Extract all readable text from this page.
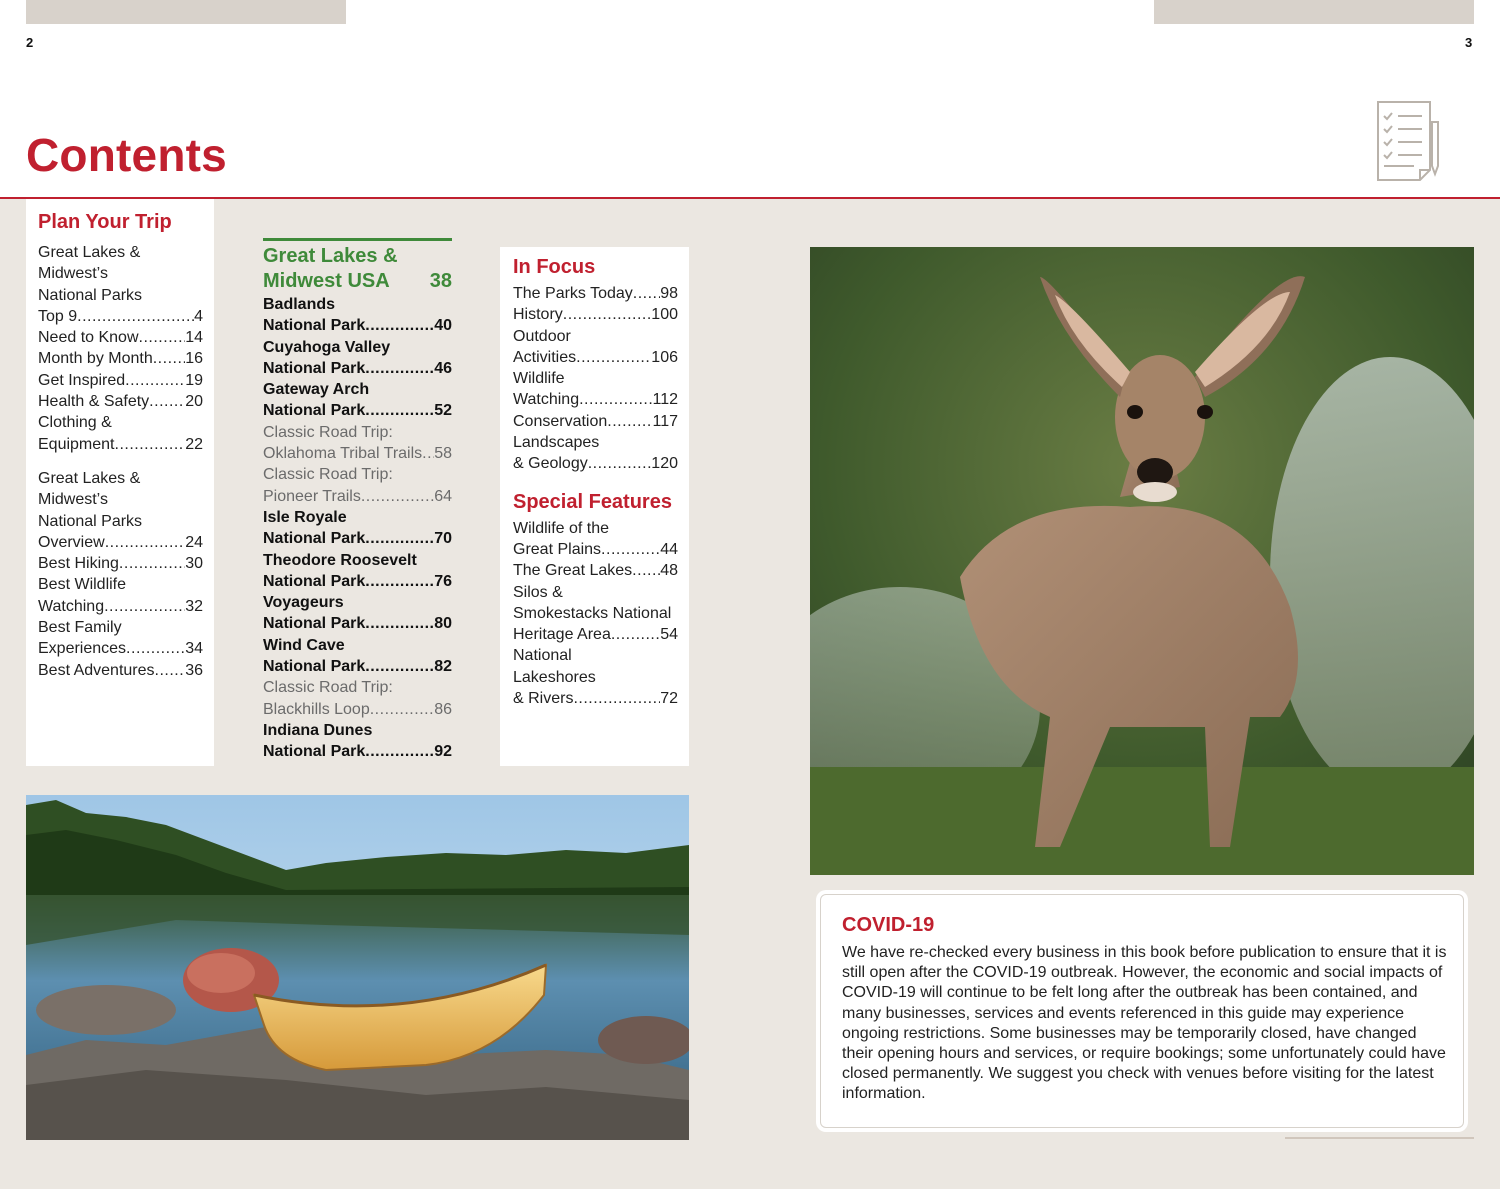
2	3
Contents
Plan Your Trip
Great Lakes &
Midwest’s
National Parks
Top 9 .....	4
Need to Know .....	14
Month by Month ..... 16
Get Inspired .....	19
Health & Safety ..... 20
Clothing &
Equipment .....	22
Great Lakes &
Midwest’s
National Parks
Overview .....	24
Best Hiking .....	30
Best Wildlife
Watching .....	32
Best Family
Experiences .....	34
Best Adventures ..... 36
Great Lakes &
Midwest USA 38
Badlands
National Park .....	40
Cuyahoga Valley
National Park .....	46
Gateway Arch
National Park .....	52
Classic Road Trip:
Oklahoma Tribal Trails ..... 58
Classic Road Trip:
Pioneer Trails .....	64
Isle Royale
National Park .....	70
Theodore Roosevelt
National Park .....	76
Voyageurs
National Park .....	80
Wind Cave
National Park .....	82
Classic Road Trip:
Blackhills Loop .....	86
Indiana Dunes
National Park .....	92
In Focus
The Parks Today ..... 98
History .....	100
Outdoor
Activities .....	106
Wildlife
Watching .....	112
Conservation .....	117
Landscapes
& Geology .....	120
Special Features
Wildlife of the
Great Plains .....	44
The Great Lakes ..... 48
Silos &
Smokestacks National
Heritage Area .....	54
National
Lakeshores
& Rivers .....	72
COVID-19

We have re-checked every business in this book before publication to ensure that it is still open after the COVID-19 outbreak. However, the economic and social impacts of COVID-19 will continue to be felt long after the outbreak has been contained, and many businesses, services and events referenced in this guide may experience ongoing restrictions. Some businesses may be temporarily closed, have changed their opening hours and services, or require bookings; some unfortunately could have closed permanently. We suggest you check with venues before visiting for the latest information.
